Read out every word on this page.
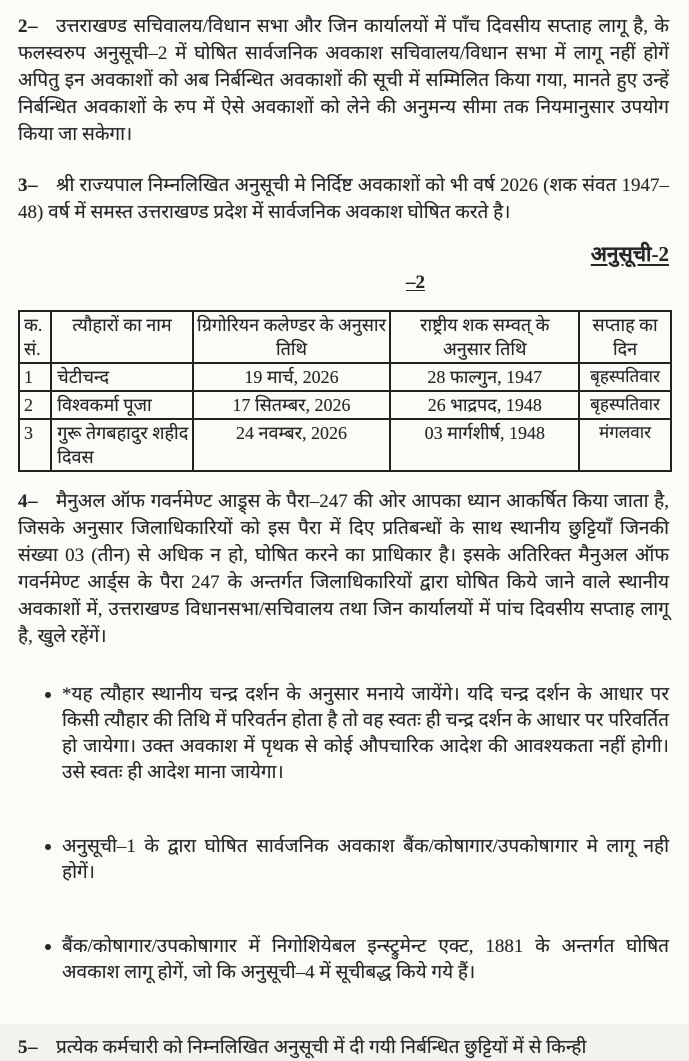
2– उत्तराखण्ड सचिवालय/विधान सभा और जिन कार्यालयों में पाँच दिवसीय सप्ताह लागू है, के फलस्वरुप अनुसूची–2 में घोषित सार्वजनिक अवकाश सचिवालय/विधान सभा में लागू नहीं होगें अपितु इन अवकाशों को अब निर्बन्धित अवकाशों की सूची में सम्मिलित किया गया, मानते हुए उन्हें निर्बन्धित अवकाशों के रुप में ऐसे अवकाशों को लेने की अनुमन्य सीमा तक नियमानुसार उपयोग किया जा सकेगा।

3– श्री राज्यपाल निम्नलिखित अनुसूची मे निर्दिष्ट अवकाशों को भी वर्ष 2026 (शक संवत 1947–48) वर्ष में समस्त उत्तराखण्ड प्रदेश में सार्वजनिक अवकाश घोषित करते है।

अनुसूची-2
–2
क. सं.	त्यौहारों का नाम	ग्रिगोरियन कलेण्डर के अनुसार तिथि	राष्ट्रीय शक सम्वत् के अनुसार तिथि	सप्ताह का दिन
1	चेटीचन्द	19 मार्च, 2026	28 फाल्गुन, 1947	बृहस्पतिवार
2	विश्वकर्मा पूजा	17 सितम्बर, 2026	26 भाद्रपद, 1948	बृहस्पतिवार
3	गुरू तेगबहादुर शहीद दिवस	24 नवम्बर, 2026	03 मार्गशीर्ष, 1948	मंगलवार

4– मैनुअल ऑफ गवर्नमेण्ट आड्र्स के पैरा–247 की ओर आपका ध्यान आकर्षित किया जाता है, जिसके अनुसार जिलाधिकारियों को इस पैरा में दिए प्रतिबन्धों के साथ स्थानीय छुट्टियाँ जिनकी संख्या 03 (तीन) से अधिक न हो, घोषित करने का प्राधिकार है। इसके अतिरिक्त मैनुअल ऑफ गवर्नमेण्ट आर्ड्स के पैरा 247 के अन्तर्गत जिलाधिकारियों द्वारा घोषित किये जाने वाले स्थानीय अवकाशों में, उत्तराखण्ड विधानसभा/सचिवालय तथा जिन कार्यालयों में पांच दिवसीय सप्ताह लागू है, खुले रहेंगें।

*यह त्यौहार स्थानीय चन्द्र दर्शन के अनुसार मनाये जायेंगे। यदि चन्द्र दर्शन के आधार पर किसी त्यौहार की तिथि में परिवर्तन होता है तो वह स्वतः ही चन्द्र दर्शन के आधार पर परिवर्तित हो जायेगा। उक्त अवकाश में पृथक से कोई औपचारिक आदेश की आवश्यकता नहीं होगी। उसे स्वतः ही आदेश माना जायेगा।
अनुसूची–1 के द्वारा घोषित सार्वजनिक अवकाश बैंक/कोषागार/उपकोषागार मे लागू नही होगें।
बैंक/कोषागार/उपकोषागार में निगोशियेबल इन्स्ट्रुमेन्ट एक्ट, 1881 के अन्तर्गत घोषित अवकाश लागू होगें, जो कि अनुसूची–4 में सूचीबद्ध किये गये हैं।

5– प्रत्येक कर्मचारी को निम्नलिखित अनुसूची में दी गयी निर्बन्धित छुट्टियों में से किन्ही
